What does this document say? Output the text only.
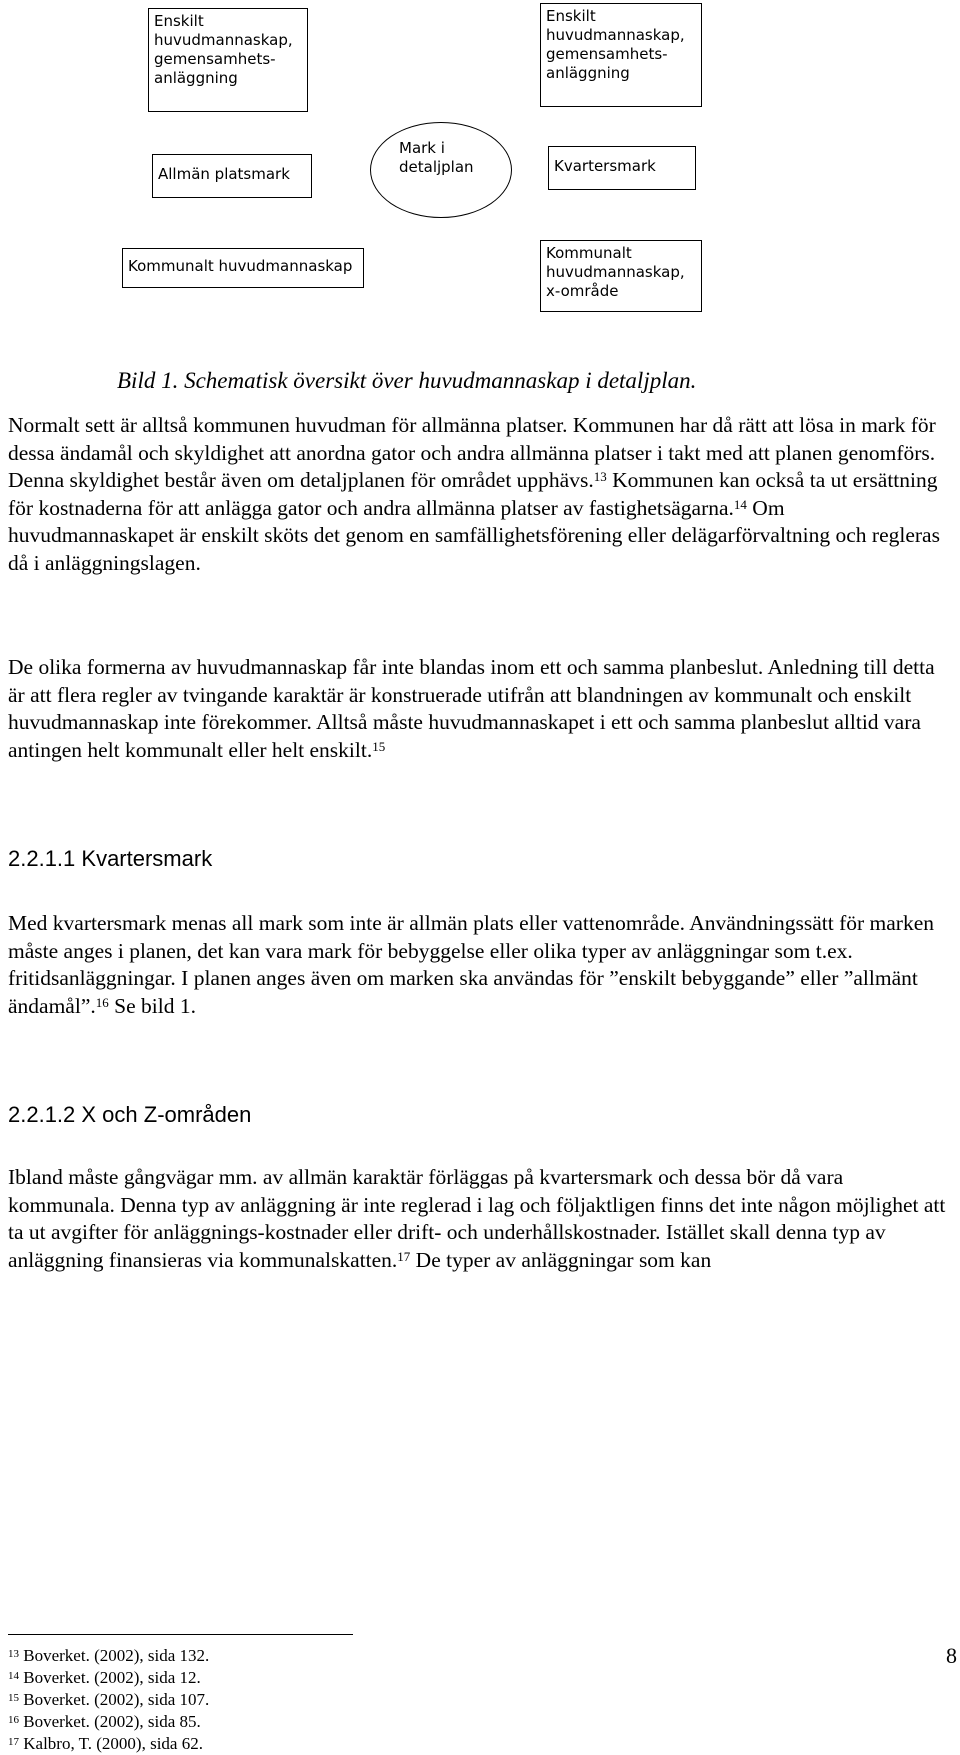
Enskilt
huvudmannaskap,
gemensamhets-
anläggning
Enskilt
huvudmannaskap,
gemensamhets-
anläggning
Allmän platsmark
Mark i
detaljplan	Kvartersmark
Kommunalt huvudmannaskap
Kommunalt
huvudmannaskap,
x-område

Bild 1. Schematisk översikt över huvudmannaskap i detaljplan.

Normalt sett är alltså kommunen huvudman för allmänna platser. Kommunen har då rätt att lösa in mark för dessa ändamål och skyldighet att anordna gator och andra allmänna platser i takt med att planen genomförs. Denna skyldighet består även om detaljplanen för området upphävs.$^{13}$ Kommunen kan också ta ut ersättning för kostnaderna för att anlägga gator och andra allmänna platser av fastighetsägarna.$^{14}$ Om huvudmannaskapet är enskilt sköts det genom en samfällighetsförening eller delägarförvaltning och regleras då i anläggningslagen.

De olika formerna av huvudmannaskap får inte blandas inom ett och samma planbeslut. Anledning till detta är att flera regler av tvingande karaktär är konstruerade utifrån att blandningen av kommunalt och enskilt huvudmannaskap inte förekommer. Alltså måste huvudmannaskapet i ett och samma planbeslut alltid vara antingen helt kommunalt eller helt enskilt.$^{15}$

2.2.1.1 Kvartersmark

Med kvartersmark menas all mark som inte är allmän plats eller vattenområde. Användningssätt för marken måste anges i planen, det kan vara mark för bebyggelse eller olika typer av anläggningar som t.ex. fritidsanläggningar. I planen anges även om marken ska användas för ”enskilt bebyggande” eller ”allmänt ändamål”.$^{16}$ Se bild 1.

2.2.1.2 X och Z-områden

Ibland måste gångvägar mm. av allmän karaktär förläggas på kvartersmark och dessa bör då vara kommunala. Denna typ av anläggning är inte reglerad i lag och följaktligen finns det inte någon möjlighet att ta ut avgifter för anläggnings-kostnader eller drift- och underhållskostnader. Istället skall denna typ av anläggning finansieras via kommunalskatten.$^{17}$ De typer av anläggningar som kan

$^{13}$ Boverket. (2002), sida 132.
$^{14}$ Boverket. (2002), sida 12.
$^{15}$ Boverket. (2002), sida 107.
$^{16}$ Boverket. (2002), sida 85.
$^{17}$ Kalbro, T. (2000), sida 62.
8
